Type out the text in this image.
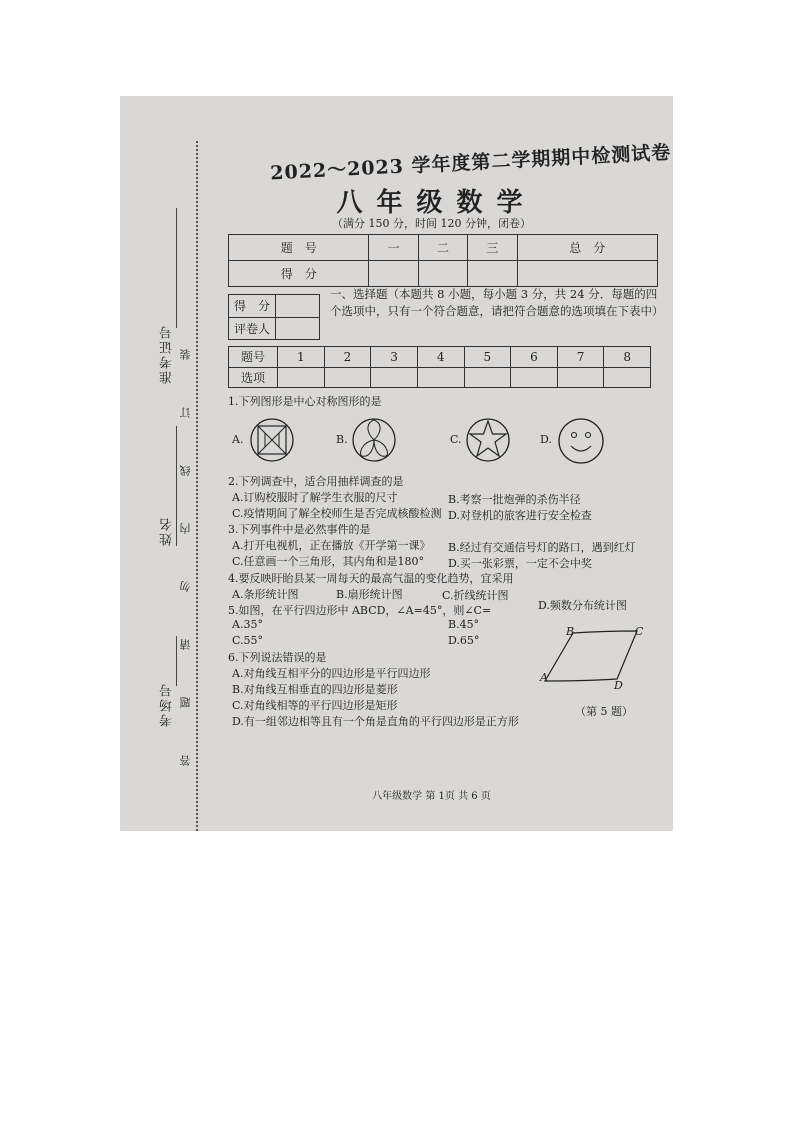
准考证号
姓名
考场号 答　题　请　勿　内　线　订　装
2022～2023 学年度第二学期期中检测试卷
八年级数学
（满分 150 分，时间 120 分钟，闭卷）
题　号	一	二	三	总　分
得　分				
得　分	
评卷人	
一、选择题（本题共 8 小题，每小题 3 分，共 24 分．每题的四个选项中，只有一个符合题意，请把符合题意的选项填在下表中）
题号	1	2	3	4	5	6	7	8
选项								
1.下列图形是中心对称图形的是
A.	B.	C.	D.
2.下列调查中，适合用抽样调查的是
A.订购校服时了解学生衣服的尺寸	B.考察一批炮弹的杀伤半径
C.疫情期间了解全校师生是否完成核酸检测 D.对登机的旅客进行安全检查
3.下列事件中是必然事件的是
A.打开电视机，正在播放《开学第一课》 B.经过有交通信号灯的路口，遇到红灯
C.任意画一个三角形，其内角和是180° D.买一张彩票，一定不会中奖
4.要反映盱眙县某一周每天的最高气温的变化趋势，宜采用
A.条形统计图	B.扇形统计图	C.折线统计图
D.频数分布统计图
5.如图，在平行四边形中 ABCD，∠A=45°，则∠C=
A.35°	B.45°
C.55°	D.65°
B	C
A
D
（第 5 题）
6.下列说法错误的是
A.对角线互相平分的四边形是平行四边形
B.对角线互相垂直的四边形是菱形
C.对角线相等的平行四边形是矩形
D.有一组邻边相等且有一个角是直角的平行四边形是正方形
八年级数学 第 1页 共 6 页
